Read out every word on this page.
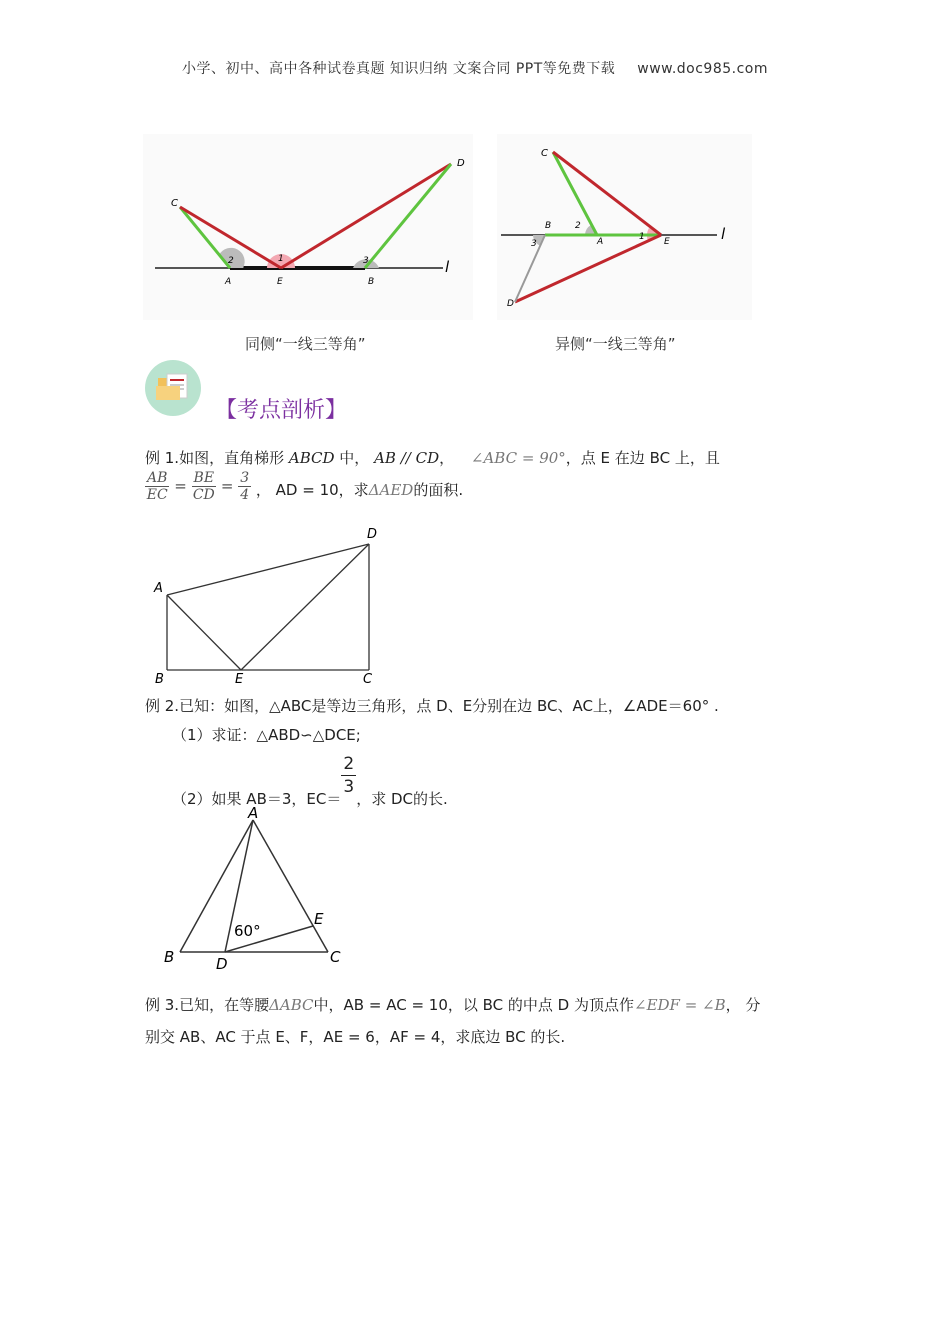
小学、初中、高中各种试卷真题 知识归纳 文案合同 PPT等免费下载 www.doc985.com
C
D
A	E	B
l
2	1	3
C
B
A	E
D
l
2
3
1
同侧“一线三等角”	异侧“一线三等角”
【考点剖析】
例 1.如图，直角梯形 ABCD 中， AB // CD， ∠ABC = 90°，点 E 在边 BC 上，且
$\frac{AB}{EC} = \frac{BE}{CD} = \frac{3}{4}$ ， AD = 10，求ΔAED的面积.
A
B	E	C
D
例 2.已知：如图，△ABC是等边三角形，点 D、E分别在边 BC、AC上，∠ADE＝60° .
（1）求证：△ABD∽△DCE;
（2）如果 AB＝3，EC＝
$\frac{2}{3}$
，求 DC的长.
A
B	D	C
E
60°
例 3.已知，在等腰ΔABC中，AB = AC = 10，以 BC 的中点 D 为顶点作∠EDF = ∠B， 分
别交 AB、AC 于点 E、F，AE = 6，AF = 4，求底边 BC 的长.
